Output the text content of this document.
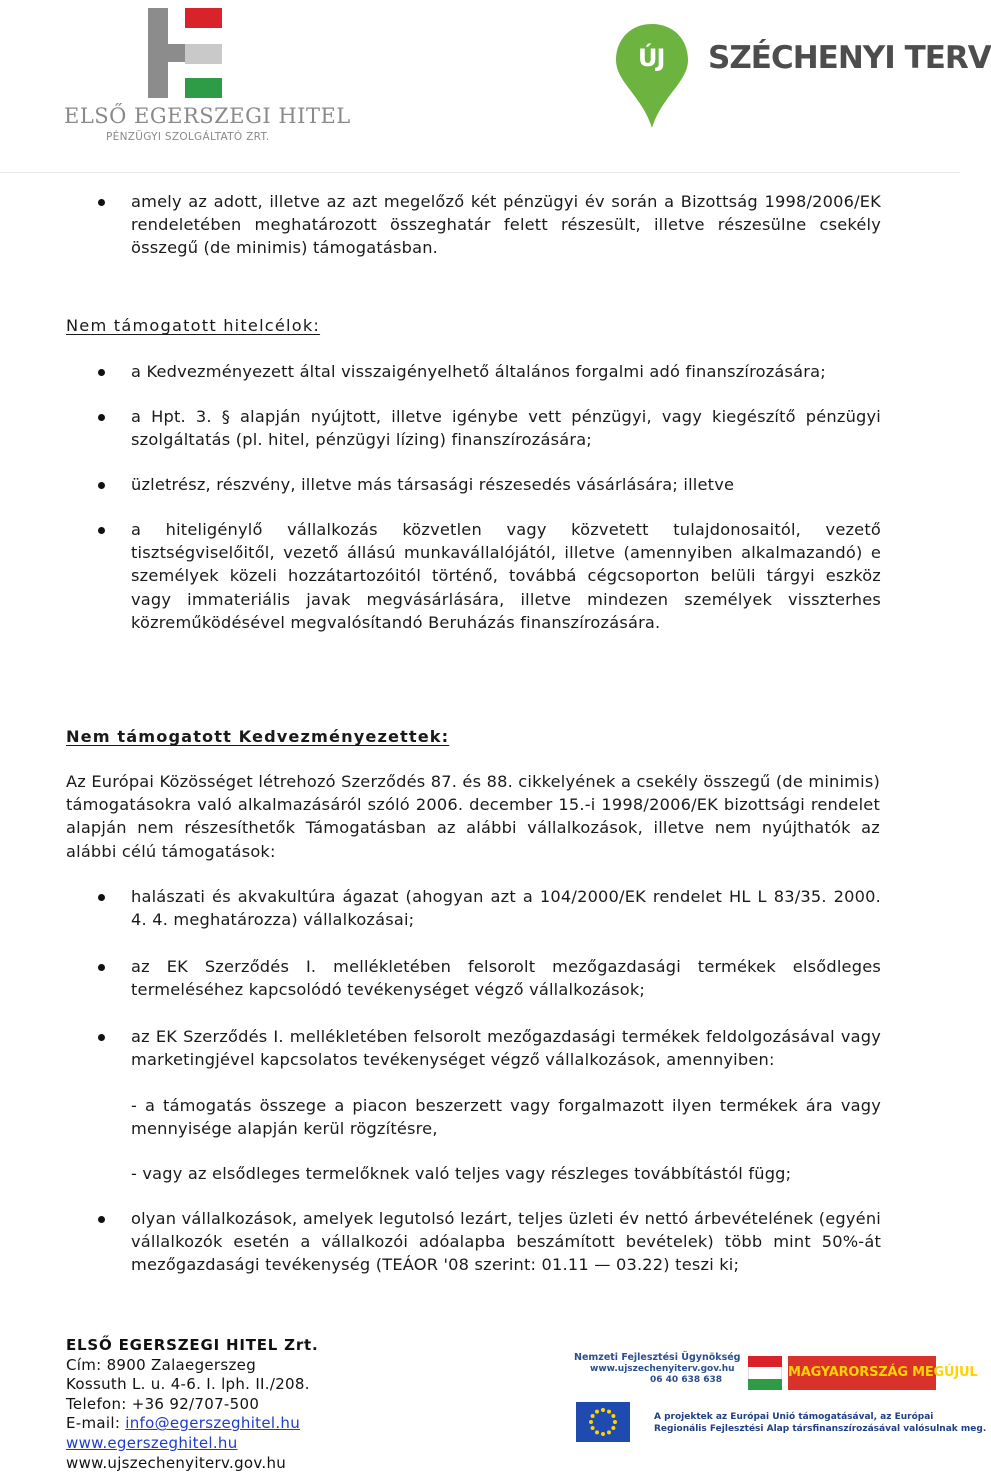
ELSŐ EGERSZEGI HITEL
PÉNZÜGYI SZOLGÁLTATÓ ZRT.
ÚJ SZÉCHENYI TERV
amely az adott, illetve az azt megelőző két pénzügyi év során a Bizottság 1998/2006/EK rendeletében meghatározott összeghatár felett részesült, illetve részesülne csekély összegű (de minimis) támogatásban.
Nem támogatott hitelcélok:
a Kedvezményezett által visszaigényelhető általános forgalmi adó finanszírozására;
a Hpt. 3. § alapján nyújtott, illetve igénybe vett pénzügyi, vagy kiegészítő pénzügyi szolgáltatás (pl. hitel, pénzügyi lízing) finanszírozására;
üzletrész, részvény, illetve más társasági részesedés vásárlására; illetve
a hiteligénylő vállalkozás közvetlen vagy közvetett tulajdonosaitól, vezető tisztségviselőitől, vezető állású munkavállalójától, illetve (amennyiben alkalmazandó) e személyek közeli hozzátartozóitól történő, továbbá cégcsoporton belüli tárgyi eszköz vagy immateriális javak megvásárlására, illetve mindezen személyek visszterhes közreműködésével megvalósítandó Beruházás finanszírozására.
Nem támogatott Kedvezményezettek:
Az Európai Közösséget létrehozó Szerződés 87. és 88. cikkelyének a csekély összegű (de minimis) támogatásokra való alkalmazásáról szóló 2006. december 15.-i 1998/2006/EK bizottsági rendelet alapján nem részesíthetők Támogatásban az alábbi vállalkozások, illetve nem nyújthatók az alábbi célú támogatások:
halászati és akvakultúra ágazat (ahogyan azt a 104/2000/EK rendelet HL L 83/35. 2000. 4. 4. meghatározza) vállalkozásai;
az EK Szerződés I. mellékletében felsorolt mezőgazdasági termékek elsődleges termeléséhez kapcsolódó tevékenységet végző vállalkozások;
az EK Szerződés I. mellékletében felsorolt mezőgazdasági termékek feldolgozásával vagy marketingjével kapcsolatos tevékenységet végző vállalkozások, amennyiben:
- a támogatás összege a piacon beszerzett vagy forgalmazott ilyen termékek ára vagy mennyisége alapján kerül rögzítésre,
- vagy az elsődleges termelőknek való teljes vagy részleges továbbítástól függ;
olyan vállalkozások, amelyek legutolsó lezárt, teljes üzleti év nettó árbevételének (egyéni vállalkozók esetén a vállalkozói adóalapba beszámított bevételek) több mint 50%-át mezőgazdasági tevékenység (TEÁOR '08 szerint: 01.11 — 03.22) teszi ki;
ELSŐ EGERSZEGI HITEL Zrt.
Cím: 8900 Zalaegerszeg
Kossuth L. u. 4-6. I. lph. II./208.
Telefon: +36 92/707-500
E-mail: info@egerszeghitel.hu
www.egerszeghitel.hu
www.ujszechenyiterv.gov.hu
Nemzeti Fejlesztési Ügynökség
www.ujszechenyiterv.gov.hu
06 40 638 638	MAGYARORSZÁG MEGÚJUL
A projektek az Európai Unió támogatásával, az Európai
Regionális Fejlesztési Alap társfinanszírozásával valósulnak meg.
